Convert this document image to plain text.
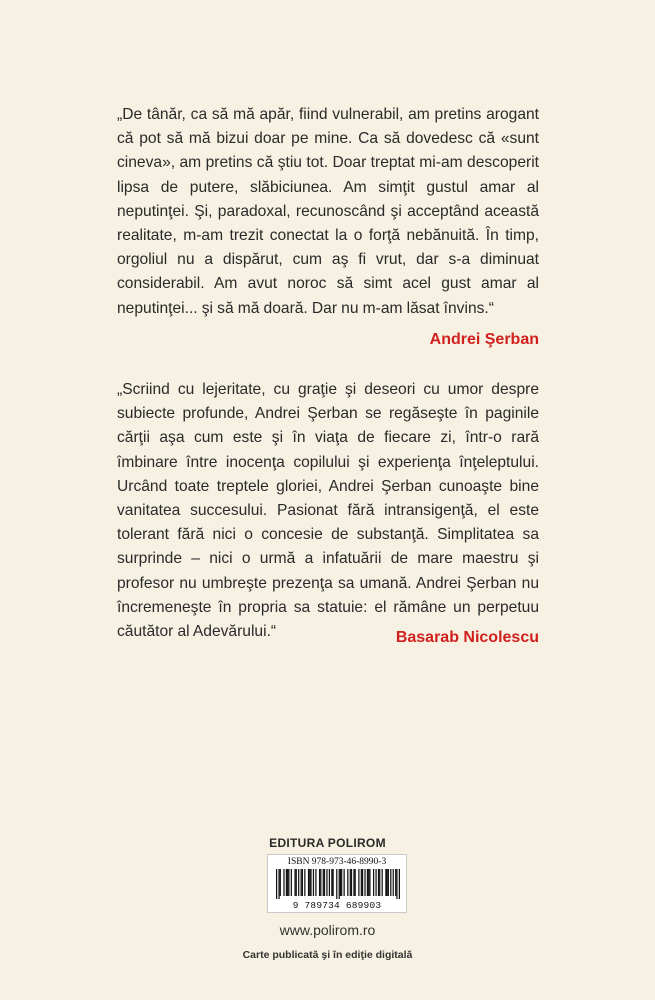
„De tânăr, ca să mă apăr, fiind vulnerabil, am pretins arogant că pot să mă bizui doar pe mine. Ca să dovedesc că «sunt cineva», am pretins că ştiu tot. Doar treptat mi-am descoperit lipsa de putere, slăbiciunea. Am simţit gustul amar al neputinţei. Şi, paradoxal, recunoscând şi acceptând această realitate, m-am trezit conectat la o forţă nebănuită. În timp, orgoliul nu a dispărut, cum aş fi vrut, dar s-a diminuat considerabil. Am avut noroc să simt acel gust amar al neputinţei... şi să mă doară. Dar nu m-am lăsat învins.“

Andrei Şerban

„Scriind cu lejeritate, cu graţie şi deseori cu umor despre subiecte profunde, Andrei Şerban se regăseşte în paginile cărţii aşa cum este şi în viaţa de fiecare zi, într-o rară îmbinare între inocenţa copilului şi experienţa înţeleptului. Urcând toate treptele gloriei, Andrei Şerban cunoaşte bine vanitatea succesului. Pasionat fără intransigenţă, el este tolerant fără nici o concesie de substanţă. Simplitatea sa surprinde – nici o urmă a infatuării de mare maestru şi profesor nu umbreşte prezenţa sa umană. Andrei Şerban nu încremeneşte în propria sa statuie: el rămâne un perpetuu căutător al Adevărului.“	Basarab Nicolescu

EDITURA POLIROM

ISBN 978-973-46-8990-3
9 789734 689903

www.polirom.ro

Carte publicată şi în ediţie digitală
